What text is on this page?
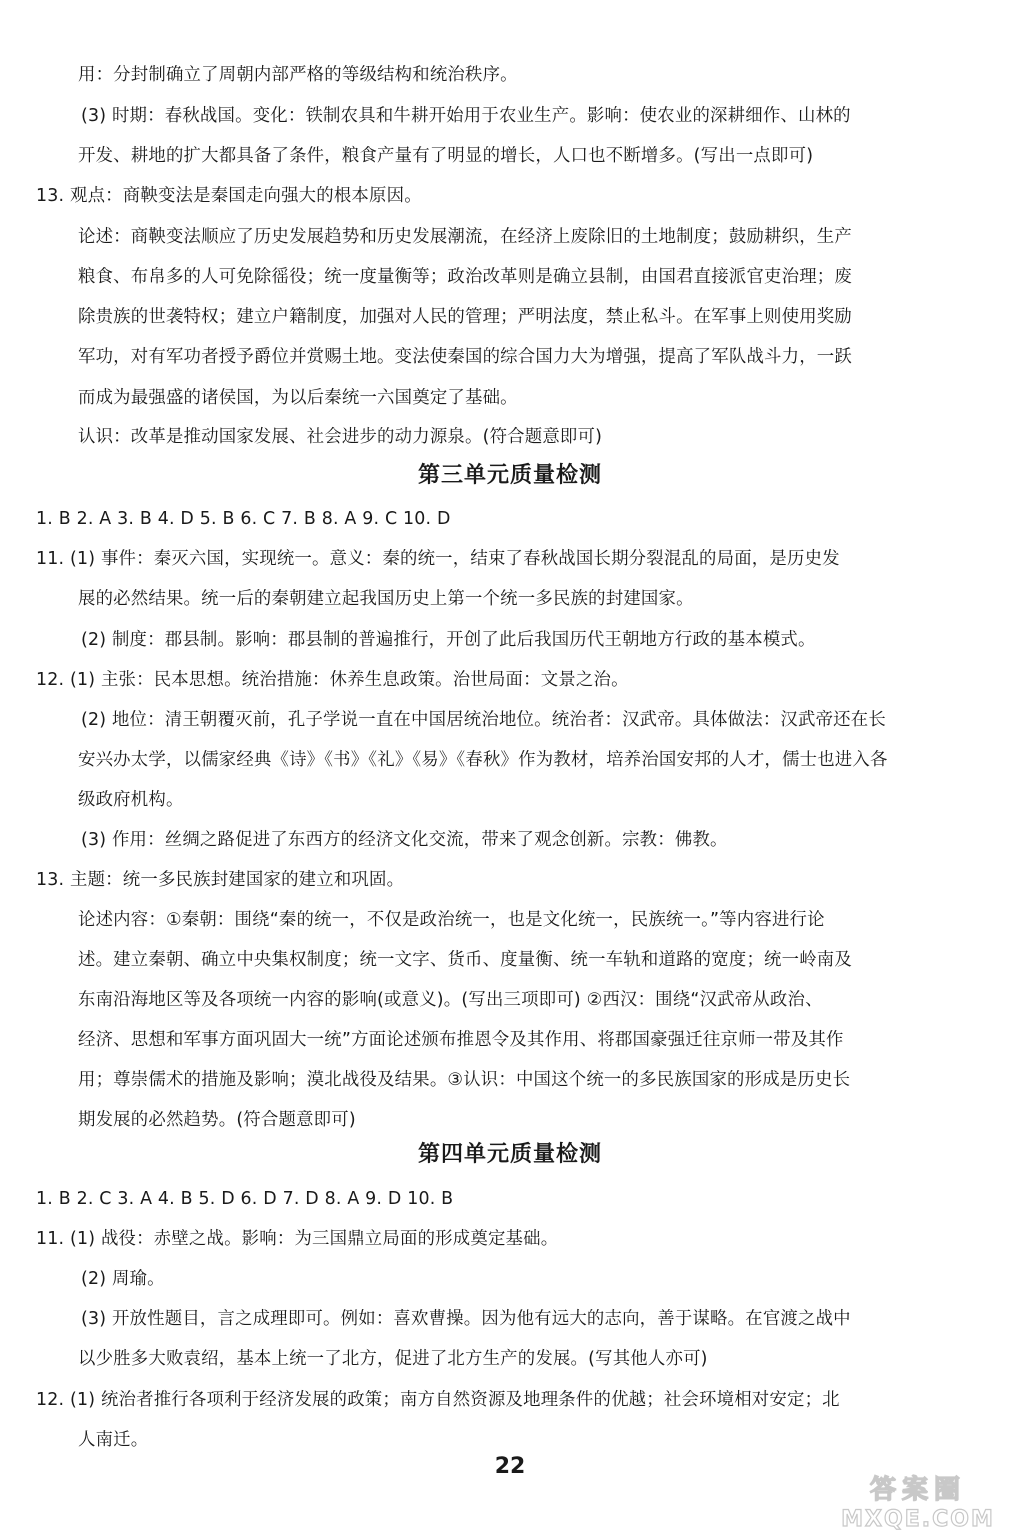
用：分封制确立了周朝内部严格的等级结构和统治秩序。
(3) 时期：春秋战国。变化：铁制农具和牛耕开始用于农业生产。影响：使农业的深耕细作、山林的
开发、耕地的扩大都具备了条件，粮食产量有了明显的增长，人口也不断增多。(写出一点即可)
13. 观点：商鞅变法是秦国走向强大的根本原因。
论述：商鞅变法顺应了历史发展趋势和历史发展潮流，在经济上废除旧的土地制度；鼓励耕织，生产
粮食、布帛多的人可免除徭役；统一度量衡等；政治改革则是确立县制，由国君直接派官吏治理；废
除贵族的世袭特权；建立户籍制度，加强对人民的管理；严明法度，禁止私斗。在军事上则使用奖励
军功，对有军功者授予爵位并赏赐土地。变法使秦国的综合国力大为增强，提高了军队战斗力，一跃
而成为最强盛的诸侯国，为以后秦统一六国奠定了基础。
认识：改革是推动国家发展、社会进步的动力源泉。(符合题意即可)
第三单元质量检测
1. B 2. A 3. B 4. D 5. B 6. C 7. B 8. A 9. C 10. D
11. (1) 事件：秦灭六国，实现统一。意义：秦的统一，结束了春秋战国长期分裂混乱的局面，是历史发
展的必然结果。统一后的秦朝建立起我国历史上第一个统一多民族的封建国家。
(2) 制度：郡县制。影响：郡县制的普遍推行，开创了此后我国历代王朝地方行政的基本模式。
12. (1) 主张：民本思想。统治措施：休养生息政策。治世局面：文景之治。
(2) 地位：清王朝覆灭前，孔子学说一直在中国居统治地位。统治者：汉武帝。具体做法：汉武帝还在长
安兴办太学，以儒家经典《诗》《书》《礼》《易》《春秋》作为教材，培养治国安邦的人才，儒士也进入各
级政府机构。
(3) 作用：丝绸之路促进了东西方的经济文化交流，带来了观念创新。宗教：佛教。
13. 主题：统一多民族封建国家的建立和巩固。
论述内容：①秦朝：围绕“秦的统一，不仅是政治统一，也是文化统一，民族统一。”等内容进行论
述。建立秦朝、确立中央集权制度；统一文字、货币、度量衡、统一车轨和道路的宽度；统一岭南及
东南沿海地区等及各项统一内容的影响(或意义)。(写出三项即可) ②西汉：围绕“汉武帝从政治、
经济、思想和军事方面巩固大一统”方面论述颁布推恩令及其作用、将郡国豪强迁往京师一带及其作
用；尊崇儒术的措施及影响；漠北战役及结果。③认识：中国这个统一的多民族国家的形成是历史长
期发展的必然趋势。(符合题意即可)
第四单元质量检测
1. B 2. C 3. A 4. B 5. D 6. D 7. D 8. A 9. D 10. B
11. (1) 战役：赤壁之战。影响：为三国鼎立局面的形成奠定基础。
(2) 周瑜。
(3) 开放性题目，言之成理即可。例如：喜欢曹操。因为他有远大的志向，善于谋略。在官渡之战中
以少胜多大败袁绍，基本上统一了北方，促进了北方生产的发展。(写其他人亦可)
12. (1) 统治者推行各项利于经济发展的政策；南方自然资源及地理条件的优越；社会环境相对安定；北
人南迁。
22
答案圈
MXQE.COM
